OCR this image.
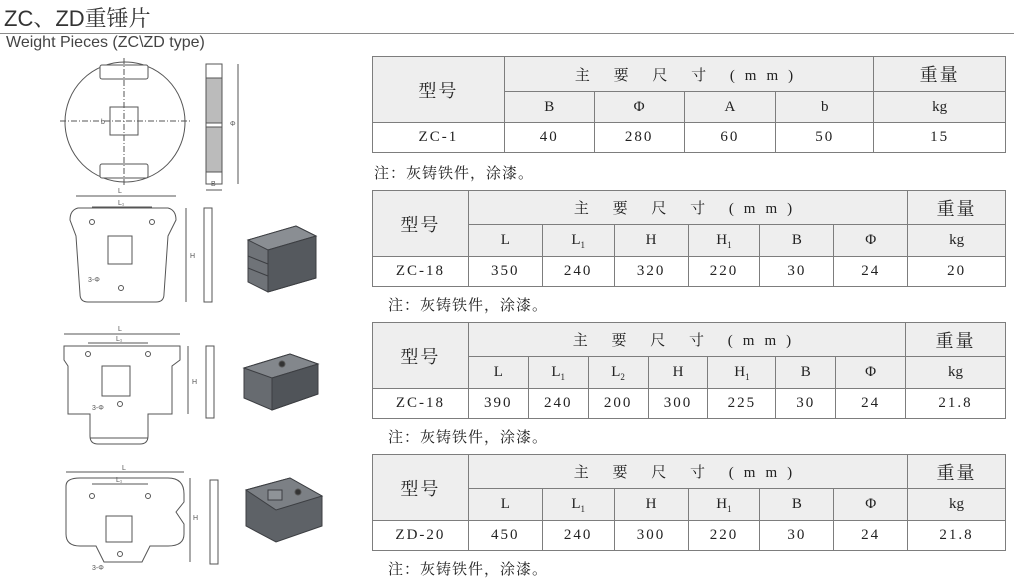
ZC、ZD重锤片
Weight Pieces (ZC\ZD type)
Φ
B
b
L
L₁
3-Φ
H
L
L₁
3-Φ
H
L
L₁
3-Φ
H
型号	主 要 尺 寸 (mm)				重量
	B	Φ	A	b	kg
ZC-1	40	280	60	50	15
注：灰铸铁件，涂漆。
型号	主 要 尺 寸 (mm)						重量
	L	$L_1$	H	$H_1$	B	Φ	kg
ZC-18	350	240	320	220	30	24	20
注：灰铸铁件，涂漆。
型号	主 要 尺 寸 (mm)							重量
	L	$L_1$	$L_2$	H	$H_1$	B	Φ	kg
ZC-18	390	240	200	300	225	30	24	21.8
注：灰铸铁件，涂漆。
型号	主 要 尺 寸 (mm)						重量
	L	$L_1$	H	$H_1$	B	Φ	kg
ZD-20	450	240	300	220	30	24	21.8
注：灰铸铁件，涂漆。
